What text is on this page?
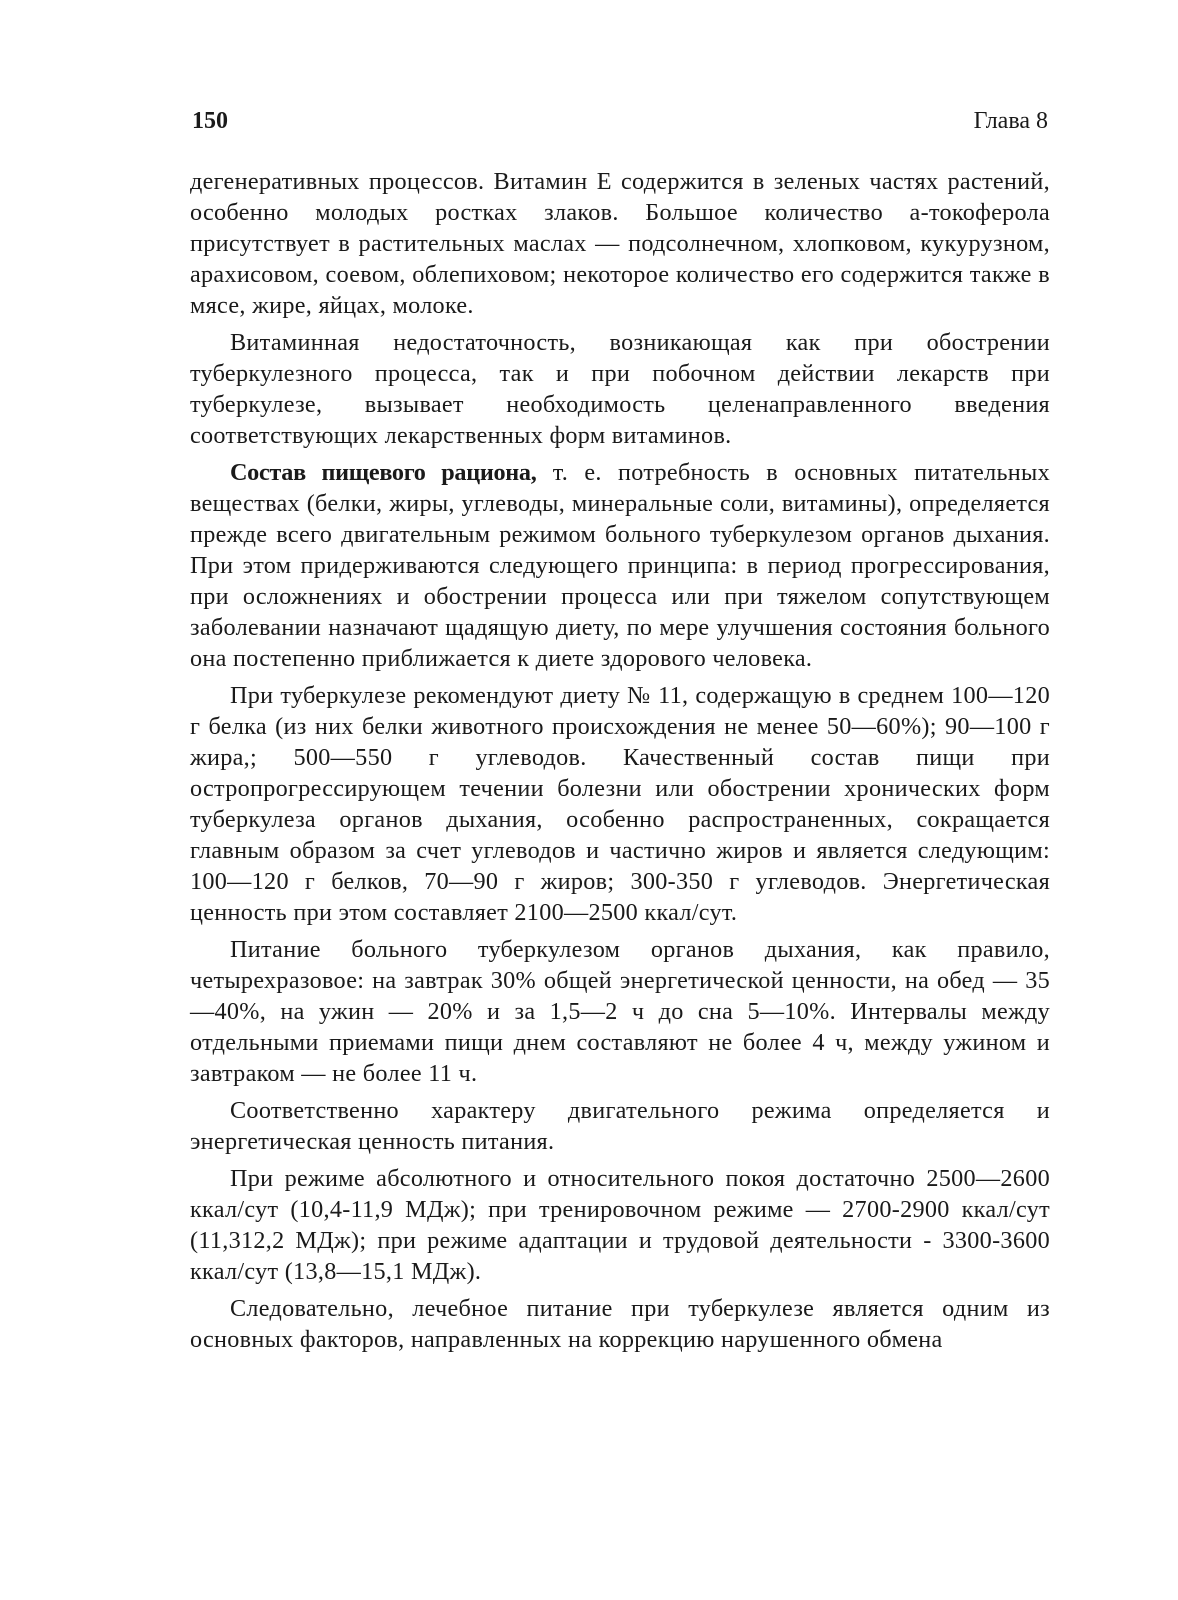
150	Глава 8

дегенеративных процессов. Витамин Е содержится в зеленых частях растений, особенно молодых ростках злаков. Большое количество а-токоферола присутствует в растительных маслах — подсолнечном, хлопковом, кукурузном, арахисовом, соевом, облепиховом; некоторое количество его содержится также в мясе, жире, яйцах, молоке.

Витаминная недостаточность, возникающая как при обострении туберкулезного процесса, так и при побочном действии лекарств при туберкулезе, вызывает необходимость целенаправленного введения соответствующих лекарственных форм витаминов.

Состав пищевого рациона, т. е. потребность в основных питательных веществах (белки, жиры, углеводы, минеральные соли, витамины), определяется прежде всего двигательным режимом больного туберкулезом органов дыхания. При этом придерживаются следующего принципа: в период прогрессирования, при осложнениях и обострении процесса или при тяжелом сопутствующем заболевании назначают щадящую диету, по мере улучшения состояния больного она постепенно приближается к диете здорового человека.

При туберкулезе рекомендуют диету № 11, содержащую в среднем 100—120 г белка (из них белки животного происхождения не менее 50—60%); 90—100 г жира,; 500—550 г углеводов. Качественный состав пищи при остропрогрессирующем течении болезни или обострении хронических форм туберкулеза органов дыхания, особенно распространенных, сокращается главным образом за счет углеводов и частично жиров и является следующим: 100—120 г белков, 70—90 г жиров; 300-350 г углеводов. Энергетическая ценность при этом составляет 2100—2500 ккал/сут.

Питание больного туберкулезом органов дыхания, как правило, четырехразовое: на завтрак 30% общей энергетической ценности, на обед — 35—40%, на ужин — 20% и за 1,5—2 ч до сна 5—10%. Интервалы между отдельными приемами пищи днем составляют не более 4 ч, между ужином и завтраком — не более 11 ч.

Соответственно характеру двигательного режима определяется и энергетическая ценность питания.

При режиме абсолютного и относительного покоя достаточно 2500—2600 ккал/сут (10,4-11,9 МДж); при тренировочном режиме — 2700-2900 ккал/сут (11,312,2 МДж); при режиме адаптации и трудовой деятельности - 3300-3600 ккал/сут (13,8—15,1 МДж).

Следовательно, лечебное питание при туберкулезе является одним из основных факторов, направленных на коррекцию нарушенного обмена
